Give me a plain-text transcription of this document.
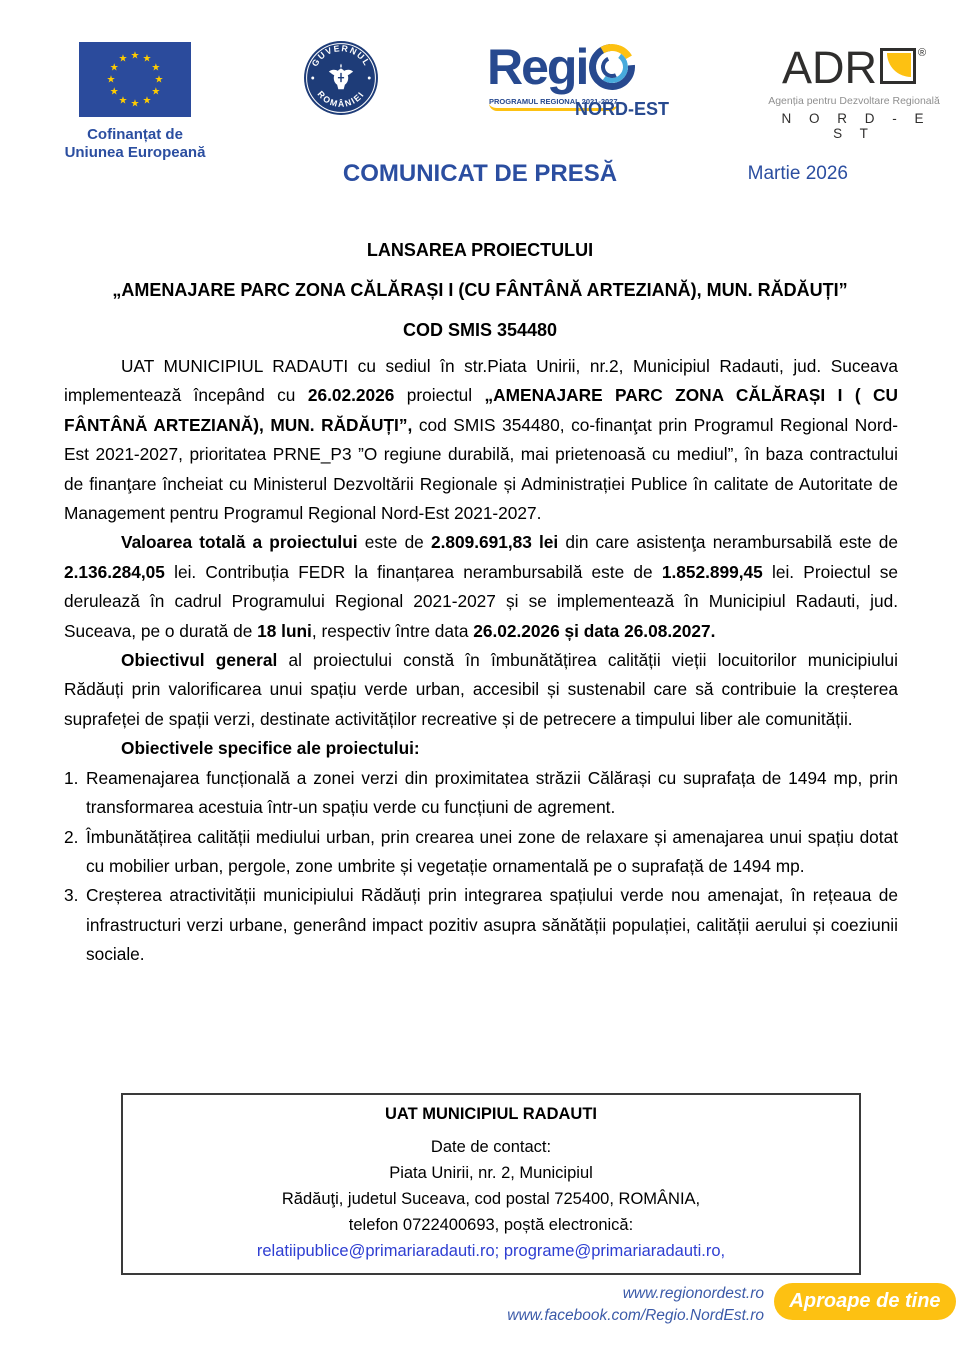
★ ★
★
★
★
★
★
★
★
★
★
★
Cofinanțat de
Uniunea Europeană
GUVERNUL
ROMÂNIEI Regi
PROGRAMUL REGIONAL 2021-2027
NORD-EST
ADR	®
Agenția pentru Dezvoltare Regională
N O R D - E S T
COMUNICAT DE PRESĂ	Martie 2026
LANSAREA PROIECTULUI
„AMENAJARE PARC ZONA CĂLĂRAȘI I (CU FÂNTÂNĂ ARTEZIANĂ), MUN. RĂDĂUȚI”
COD SMIS 354480

UAT MUNICIPIUL RADAUTI cu sediul în str.Piata Unirii, nr.2, Municipiul Radauti, jud. Suceava implementează începând cu 26.02.2026 proiectul „AMENAJARE PARC ZONA CĂLĂRAȘI I ( CU FÂNTÂNĂ ARTEZIANĂ), MUN. RĂDĂUȚI”, cod SMIS 354480, co-finanţat prin Programul Regional Nord-Est 2021-2027, prioritatea PRNE_P3 ”O regiune durabilă, mai prietenoasă cu mediul”, în baza contractului de finanţare încheiat cu Ministerul Dezvoltării Regionale și Administrației Publice în calitate de Autoritate de Management pentru Programul Regional Nord-Est 2021-2027.

Valoarea totală a proiectului este de 2.809.691,83 lei din care asistenţa nerambursabilă este de 2.136.284,05 lei. Contribuția FEDR la finanțarea nerambursabilă este de 1.852.899,45 lei. Proiectul se derulează în cadrul Programului Regional 2021-2027 și se implementează în Municipiul Radauti, jud. Suceava, pe o durată de 18 luni, respectiv între data 26.02.2026 și data 26.08.2027.

Obiectivul general al proiectului constă în îmbunătățirea calității vieții locuitorilor municipiului Rădăuți prin valorificarea unui spațiu verde urban, accesibil și sustenabil care să contribuie la creșterea suprafeței de spații verzi, destinate activităților recreative și de petrecere a timpului liber ale comunității.

Obiectivele specifice ale proiectului:
1. Reamenajarea funcțională a zonei verzi din proximitatea străzii Călărași cu suprafața de 1494 mp, prin transformarea acestuia într-un spațiu verde cu funcțiuni de agrement.
2. Îmbunătățirea calității mediului urban, prin crearea unei zone de relaxare și amenajarea unui spațiu dotat cu mobilier urban, pergole, zone umbrite și vegetație ornamentală pe o suprafață de 1494 mp.
3. Creșterea atractivității municipiului Rădăuți prin integrarea spațiului verde nou amenajat, în rețeaua de infrastructuri verzi urbane, generând impact pozitiv asupra sănătății populației, calității aerului și coeziunii sociale.
UAT MUNICIPIUL RADAUTI
Date de contact:
Piata Unirii, nr. 2, Municipiul
Rădăuţi, judetul Suceava, cod postal 725400, ROMÂNIA,
telefon 0722400693, poștă electronică:
relatiipublice@primariaradauti.ro; programe@primariaradauti.ro,
www.regionordest.ro
www.facebook.com/Regio.NordEst.ro
Aproape de tine
